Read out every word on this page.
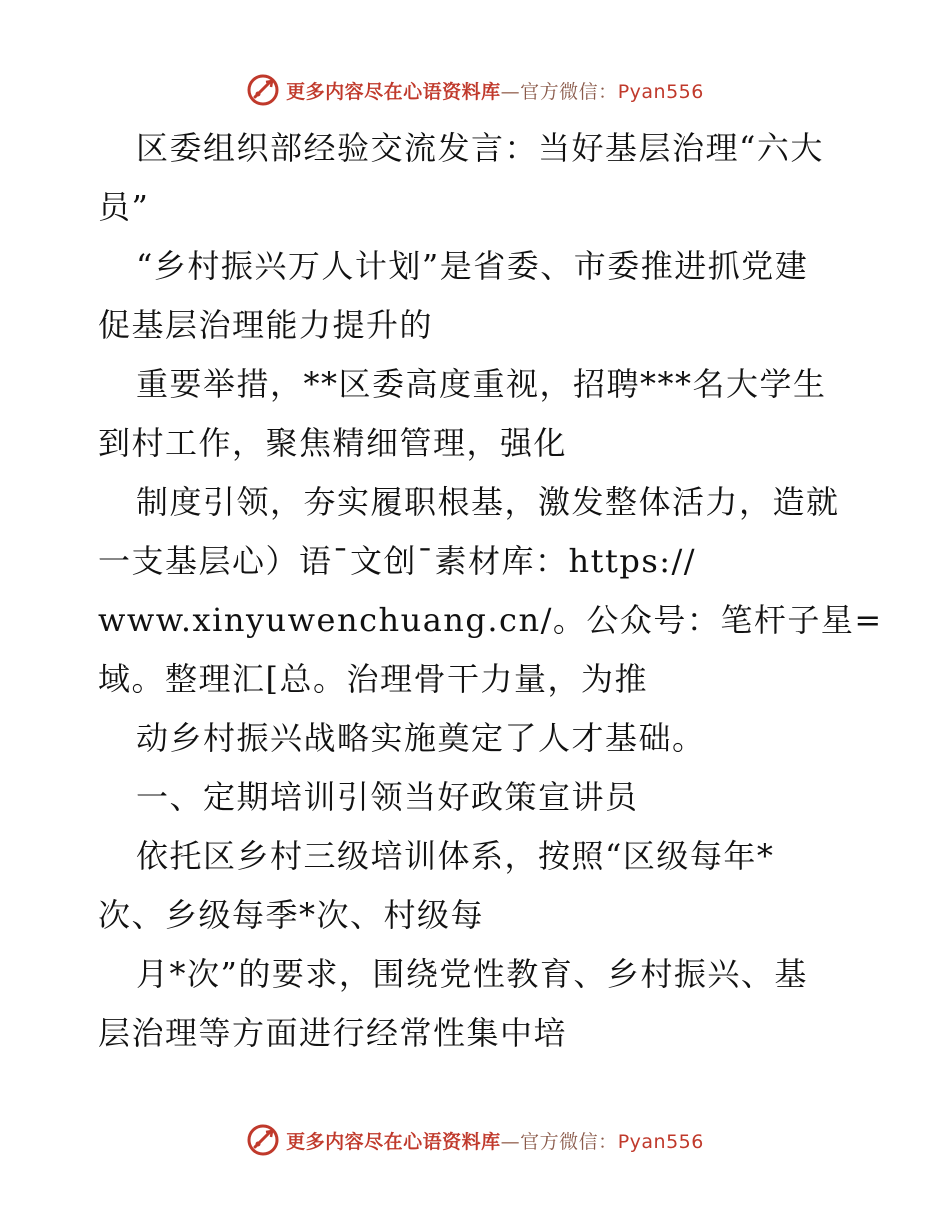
更多内容尽在心语资料库—官方微信：Pyan556
区委组织部经验交流发言：当好基层治理“六大
员”
“乡村振兴万人计划”是省委、市委推进抓党建
促基层治理能力提升的
重要举措，**区委高度重视，招聘***名大学生
到村工作，聚焦精细管理，强化
制度引领，夯实履职根基，激发整体活力，造就
一支基层心）语¯文创¯素材库：https://
www.xinyuwenchuang.cn/。公众号：笔杆子星=
域。整理汇[总。治理骨干力量，为推
动乡村振兴战略实施奠定了人才基础。
一、定期培训引领当好政策宣讲员
依托区乡村三级培训体系，按照“区级每年*
次、乡级每季*次、村级每
月*次”的要求，围绕党性教育、乡村振兴、基
层治理等方面进行经常性集中培
更多内容尽在心语资料库—官方微信：Pyan556
